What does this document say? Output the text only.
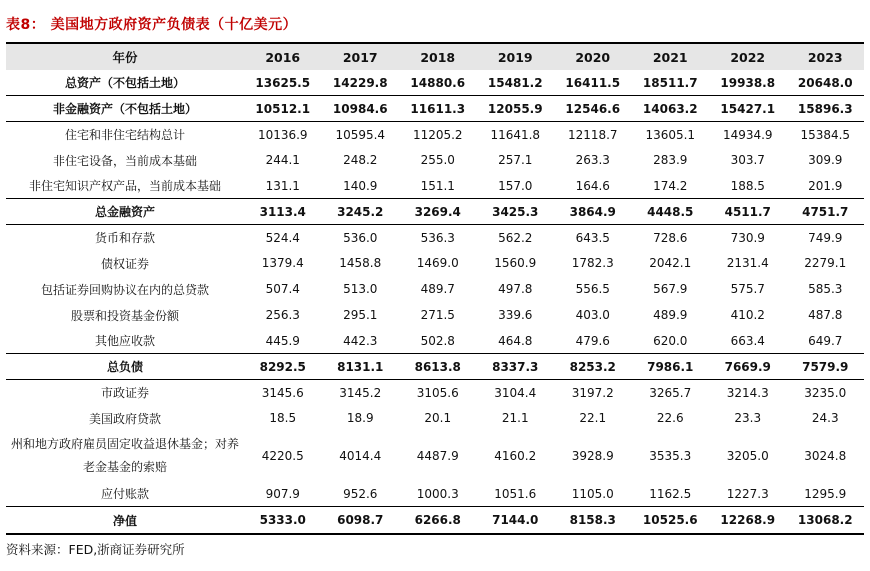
表8： 美国地方政府资产负债表（十亿美元）
年份	2016	2017	2018	2019	2020	2021	2022	2023
总资产（不包括土地）	13625.5	14229.8	14880.6	15481.2	16411.5	18511.7	19938.8	20648.0
非金融资产（不包括土地）	10512.1	10984.6	11611.3	12055.9	12546.6	14063.2	15427.1	15896.3
住宅和非住宅结构总计	10136.9	10595.4	11205.2	11641.8	12118.7	13605.1	14934.9	15384.5
非住宅设备，当前成本基础	244.1	248.2	255.0	257.1	263.3	283.9	303.7	309.9
非住宅知识产权产品，当前成本基础	131.1	140.9	151.1	157.0	164.6	174.2	188.5	201.9
总金融资产	3113.4	3245.2	3269.4	3425.3	3864.9	4448.5	4511.7	4751.7
货币和存款	524.4	536.0	536.3	562.2	643.5	728.6	730.9	749.9
债权证券	1379.4	1458.8	1469.0	1560.9	1782.3	2042.1	2131.4	2279.1
包括证券回购协议在内的总贷款	507.4	513.0	489.7	497.8	556.5	567.9	575.7	585.3
股票和投资基金份额	256.3	295.1	271.5	339.6	403.0	489.9	410.2	487.8
其他应收款	445.9	442.3	502.8	464.8	479.6	620.0	663.4	649.7
总负债	8292.5	8131.1	8613.8	8337.3	8253.2	7986.1	7669.9	7579.9
市政证券	3145.6	3145.2	3105.6	3104.4	3197.2	3265.7	3214.3	3235.0
美国政府贷款	18.5	18.9	20.1	21.1	22.1	22.6	23.3	24.3
州和地方政府雇员固定收益退休基金；对养老金基金的索赔	4220.5	4014.4	4487.9	4160.2	3928.9	3535.3	3205.0	3024.8
应付账款	907.9	952.6	1000.3	1051.6	1105.0	1162.5	1227.3	1295.9
净值	5333.0	6098.7	6266.8	7144.0	8158.3	10525.6	12268.9	13068.2
资料来源：FED,浙商证券研究所
